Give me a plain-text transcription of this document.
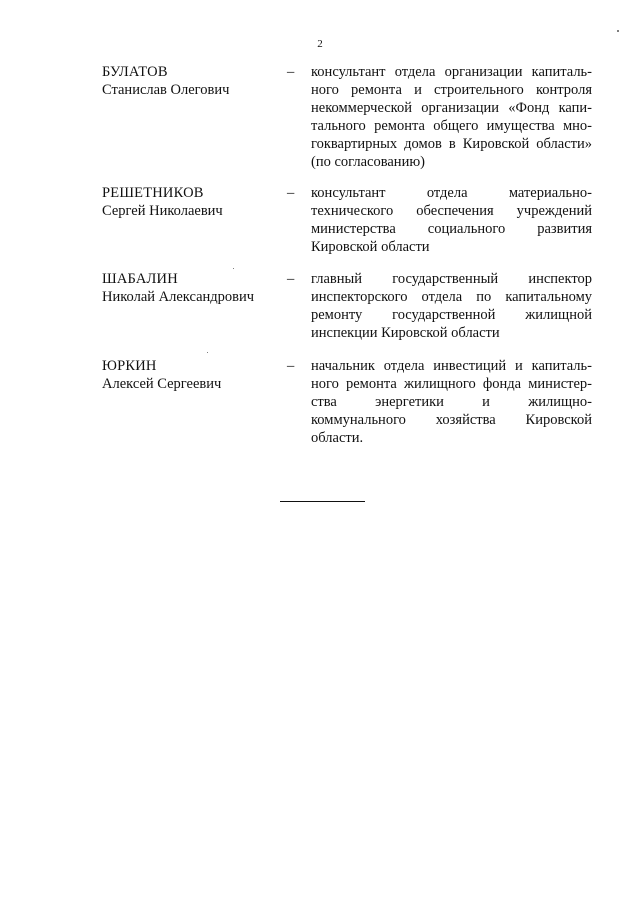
2
БУЛАТОВ
Станислав Олегович
– консультант отдела организации капиталь-
ного ремонта и строительного контроля
некоммерческой организации «Фонд капи-
тального ремонта общего имущества мно-
гоквартирных домов в Кировской области»
(по согласованию)
РЕШЕТНИКОВ
Сергей Николаевич
– консультант отдела материально-
технического обеспечения учреждений
министерства социального развития
Кировской области
ШАБАЛИН
Николай Александрович
– главный государственный инспектор
инспекторского отдела по капитальному
ремонту государственной жилищной
инспекции Кировской области
ЮРКИН
Алексей Сергеевич
– начальник отдела инвестиций и капиталь-
ного ремонта жилищного фонда министер-
ства энергетики и жилищно-
коммунального хозяйства Кировской
области.
